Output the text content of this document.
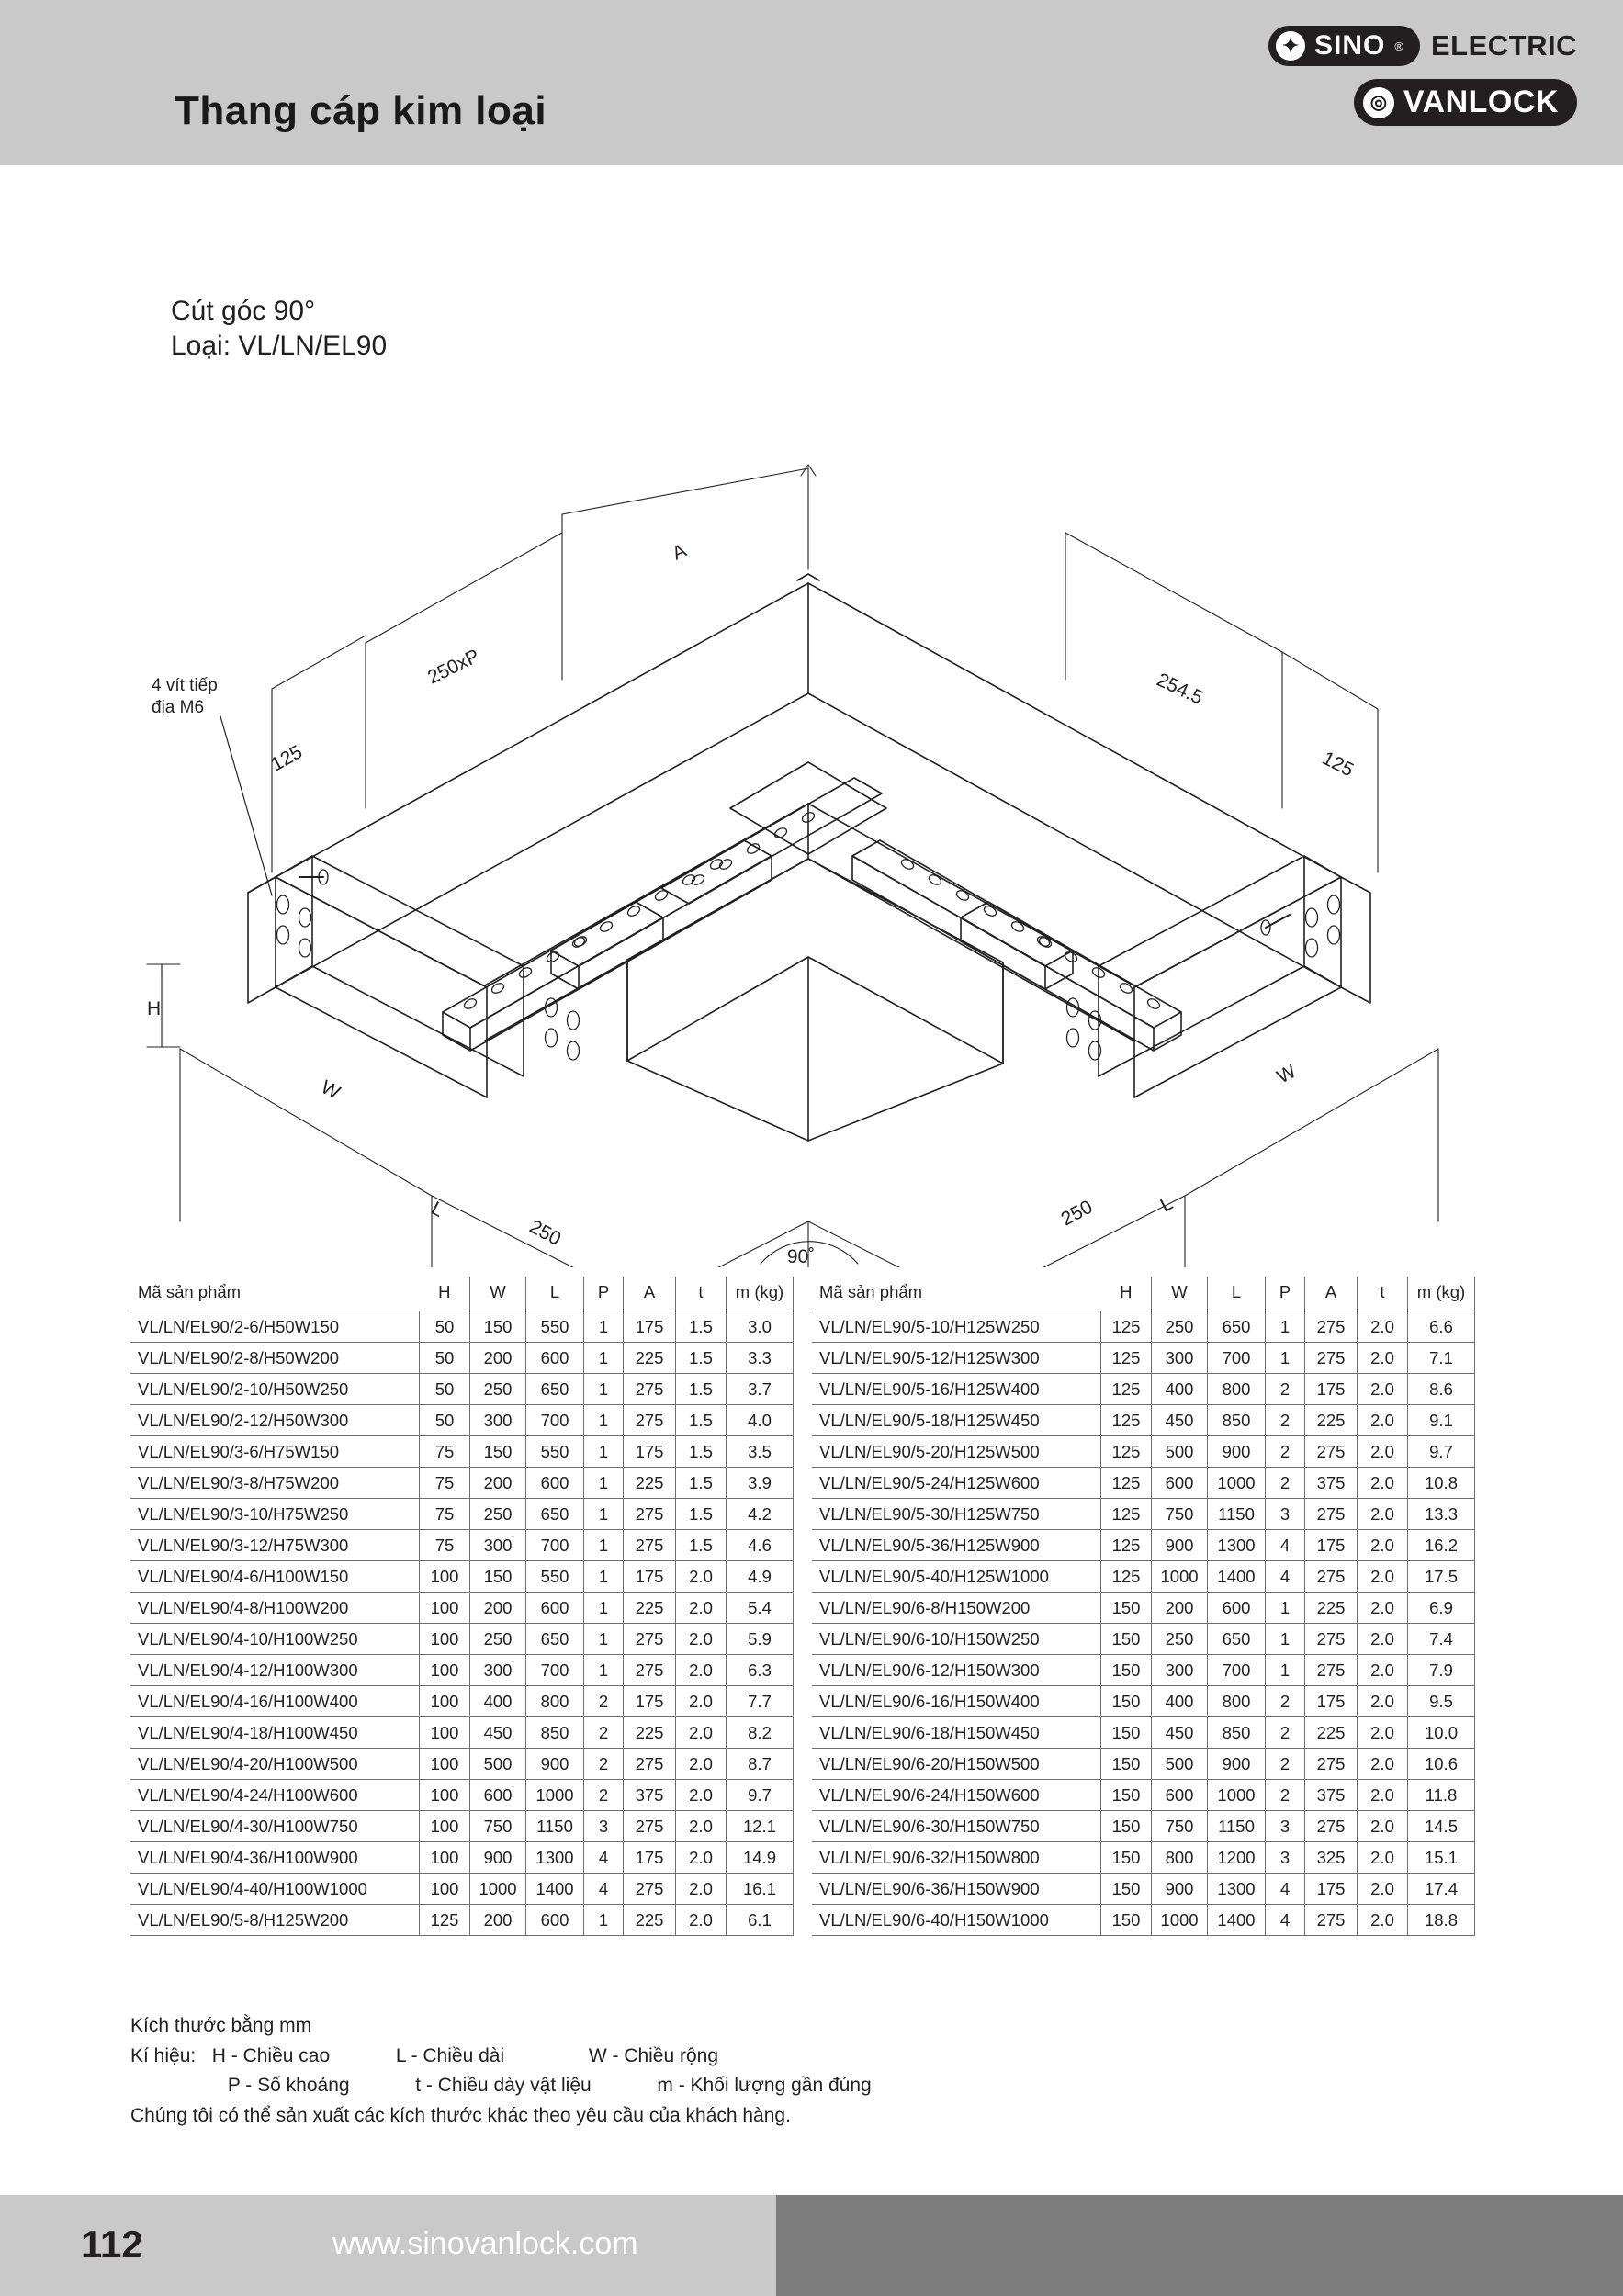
Thang cáp kim loại
✦ SINO ® ELECTRIC
◎ VANLOCK
Cút góc 90°
Loại: VL/LN/EL90
4 vít tiếp
địa M6
A
250xP
125
254.5
125
H
W
W
L	L
250
250
90˚
Mã sản phẩm	H	W	L	P	A	t	m (kg)
VL/LN/EL90/2-6/H50W150	50	150	550	1	175	1.5	3.0
VL/LN/EL90/2-8/H50W200	50	200	600	1	225	1.5	3.3
VL/LN/EL90/2-10/H50W250	50	250	650	1	275	1.5	3.7
VL/LN/EL90/2-12/H50W300	50	300	700	1	275	1.5	4.0
VL/LN/EL90/3-6/H75W150	75	150	550	1	175	1.5	3.5
VL/LN/EL90/3-8/H75W200	75	200	600	1	225	1.5	3.9
VL/LN/EL90/3-10/H75W250	75	250	650	1	275	1.5	4.2
VL/LN/EL90/3-12/H75W300	75	300	700	1	275	1.5	4.6
VL/LN/EL90/4-6/H100W150	100	150	550	1	175	2.0	4.9
VL/LN/EL90/4-8/H100W200	100	200	600	1	225	2.0	5.4
VL/LN/EL90/4-10/H100W250	100	250	650	1	275	2.0	5.9
VL/LN/EL90/4-12/H100W300	100	300	700	1	275	2.0	6.3
VL/LN/EL90/4-16/H100W400	100	400	800	2	175	2.0	7.7
VL/LN/EL90/4-18/H100W450	100	450	850	2	225	2.0	8.2
VL/LN/EL90/4-20/H100W500	100	500	900	2	275	2.0	8.7
VL/LN/EL90/4-24/H100W600	100	600	1000	2	375	2.0	9.7
VL/LN/EL90/4-30/H100W750	100	750	1150	3	275	2.0	12.1
VL/LN/EL90/4-36/H100W900	100	900	1300	4	175	2.0	14.9
VL/LN/EL90/4-40/H100W1000	100	1000	1400	4	275	2.0	16.1
VL/LN/EL90/5-8/H125W200	125	200	600	1	225	2.0	6.1
Mã sản phẩm	H	W	L	P	A	t	m (kg)
VL/LN/EL90/5-10/H125W250	125	250	650	1	275	2.0	6.6
VL/LN/EL90/5-12/H125W300	125	300	700	1	275	2.0	7.1
VL/LN/EL90/5-16/H125W400	125	400	800	2	175	2.0	8.6
VL/LN/EL90/5-18/H125W450	125	450	850	2	225	2.0	9.1
VL/LN/EL90/5-20/H125W500	125	500	900	2	275	2.0	9.7
VL/LN/EL90/5-24/H125W600	125	600	1000	2	375	2.0	10.8
VL/LN/EL90/5-30/H125W750	125	750	1150	3	275	2.0	13.3
VL/LN/EL90/5-36/H125W900	125	900	1300	4	175	2.0	16.2
VL/LN/EL90/5-40/H125W1000	125	1000	1400	4	275	2.0	17.5
VL/LN/EL90/6-8/H150W200	150	200	600	1	225	2.0	6.9
VL/LN/EL90/6-10/H150W250	150	250	650	1	275	2.0	7.4
VL/LN/EL90/6-12/H150W300	150	300	700	1	275	2.0	7.9
VL/LN/EL90/6-16/H150W400	150	400	800	2	175	2.0	9.5
VL/LN/EL90/6-18/H150W450	150	450	850	2	225	2.0	10.0
VL/LN/EL90/6-20/H150W500	150	500	900	2	275	2.0	10.6
VL/LN/EL90/6-24/H150W600	150	600	1000	2	375	2.0	11.8
VL/LN/EL90/6-30/H150W750	150	750	1150	3	275	2.0	14.5
VL/LN/EL90/6-32/H150W800	150	800	1200	3	325	2.0	15.1
VL/LN/EL90/6-36/H150W900	150	900	1300	4	175	2.0	17.4
VL/LN/EL90/6-40/H150W1000	150	1000	1400	4	275	2.0	18.8
Kích thước bằng mm
Kí hiệu: H - Chiều cao	L - Chiều dài	W - Chiều rộng
P - Số khoảng	t - Chiều dày vật liệu	m - Khối lượng gần đúng
Chúng tôi có thể sản xuất các kích thước khác theo yêu cầu của khách hàng.
112	www.sinovanlock.com
